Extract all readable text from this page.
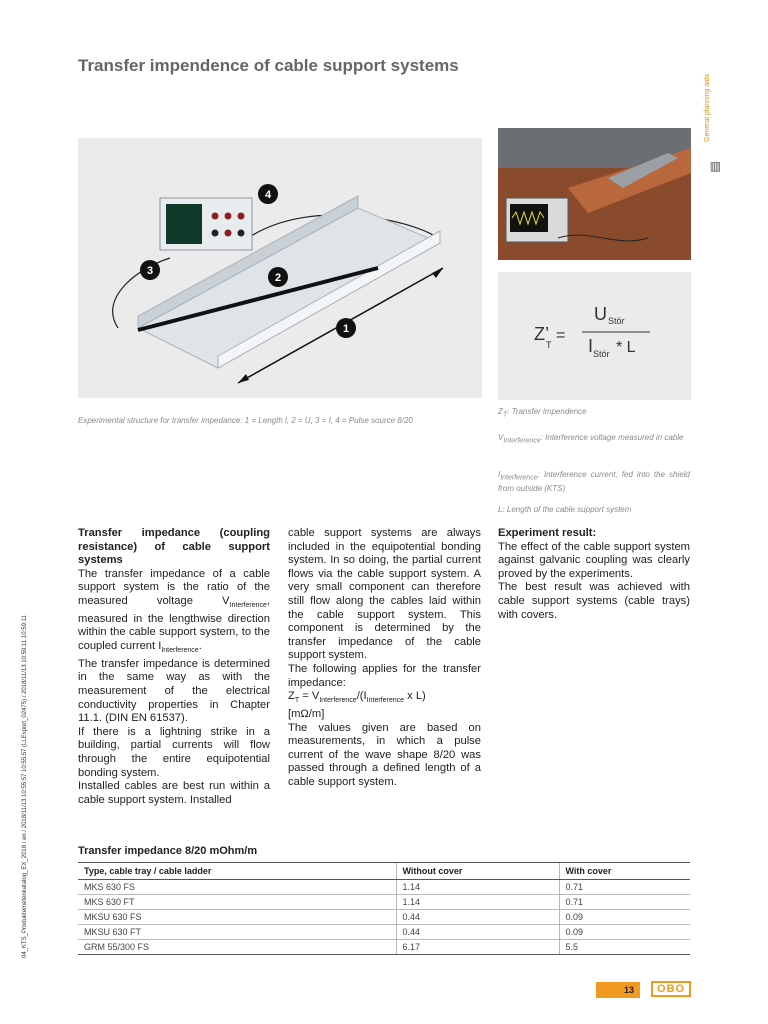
Transfer impendence of cable support systems
General planning aids
▤
04_KTS_Produktemetenkatalog_EX_2018 / en / 2018/11/13 10:55:57 10:55:57 (LLExport_02475) / 2018/11/13 10:59:11 10:59:11
4
2
3
1
Experimental structure for transfer impedance: 1 = Length l, 2 = U, 3 = I, 4 = Pulse source 8/20
Z’
T
=
U Stör
I Stör * L
$Z_T$: Transfer impendence
$V_{Interference}$: Interference voltage measured in cable
$I_{Interference}$: Interference current, fed into the shield from outside (KTS)
L: Length of the cable support system

Transfer impedance (coupling resistance) of cable support systems

The transfer impedance of a cable support system is the ratio of the measured voltage $V_{Interference}$, measured in the lengthwise direction within the cable support system, to the coupled current $I_{Interference}$.

The transfer impedance is determined in the same way as with the measurement of the electrical conductivity properties in Chapter 11.1. (DIN EN 61537).

If there is a lightning strike in a building, partial currents will flow through the entire equipotential bonding system.

Installed cables are best run within a cable support system. Installed

cable support systems are always included in the equipotential bonding system. In so doing, the partial current flows via the cable support system. A very small component can therefore still flow along the cables laid within the cable support system. This component is determined by the transfer impedance of the cable support system.

The following applies for the transfer impedance:

$Z_T = V_{Interference}/(I_{Interference}$ x L)

[mΩ/m]

The values given are based on measurements, in which a pulse current of the wave shape 8/20 was passed through a defined length of a cable support system.

Experiment result:

The effect of the cable support system against galvanic coupling was clearly proved by the experiments.

The best result was achieved with cable support systems (cable trays) with covers.

Transfer impedance 8/20 mOhm/m
Type, cable tray / cable ladder	Without cover	With cover
MKS 630 FS	1.14	0.71
MKS 630 FT	1.14	0.71
MKSU 630 FS	0.44	0.09
MKSU 630 FT	0.44	0.09
GRM 55/300 FS	6.17	5.5
13	OBO
